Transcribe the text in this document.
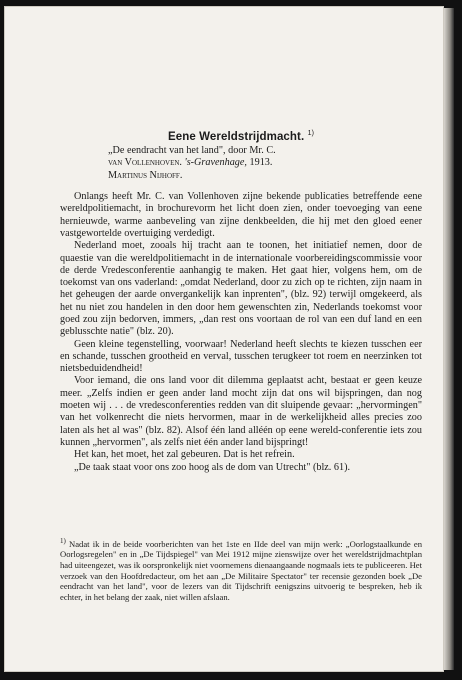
Eene Wereldstrijdmacht. $^{1)}$
„De eendracht van het land", door Mr. C.
van Vollenhoven. 's-Gravenhage, 1913.
Martinus Nijhoff.

Onlangs heeft Mr. C. van Vollenhoven zijne bekende publicaties betreffende eene wereldpolitiemacht, in brochurevorm het licht doen zien, onder toevoeging van eene hernieuwde, warme aanbeveling van zijne denkbeelden, die hij met den gloed eener vastgewortelde overtuiging verdedigt.

Nederland moet, zooals hij tracht aan te toonen, het initiatief nemen, door de quaestie van die wereldpolitiemacht in de internationale voorbereidingscommissie voor de derde Vredesconferentie aanhangig te maken. Het gaat hier, volgens hem, om de toekomst van ons vaderland: „omdat Nederland, door zu zich op te richten, zijn naam in het geheugen der aarde onvergankelijk kan inprenten", (blz. 92) terwijl omgekeerd, als het nu niet zou handelen in den door hem gewenschten zin, Nederlands toekomst voor goed zou zijn bedorven, immers, „dan rest ons voortaan de rol van een duf land en een geblusschte natie" (blz. 20).

Geen kleine tegenstelling, voorwaar! Nederland heeft slechts te kiezen tusschen eer en schande, tusschen grootheid en verval, tusschen terugkeer tot roem en neerzinken tot nietsbeduidendheid!

Voor iemand, die ons land voor dit dilemma geplaatst acht, bestaat er geen keuze meer. „Zelfs indien er geen ander land mocht zijn dat ons wil bijspringen, dan nog moeten wij . . . de vredesconferenties redden van dit sluipende gevaar: „hervormingen" van het volkenrecht die niets hervormen, maar in de werkelijkheid alles precies zoo laten als het al was" (blz. 82). Alsof één land alléén op eene wereld-conferentie iets zou kunnen „hervormen", als zelfs niet één ander land bijspringt!

Het kan, het moet, het zal gebeuren. Dat is het refrein.

„De taak staat voor ons zoo hoog als de dom van Utrecht" (blz. 61).

$^{1)}$ Nadat ik in de beide voorberichten van het 1ste en IIde deel van mijn werk: „Oorlogstaalkunde en Oorlogsregelen" en in „De Tijdspiegel" van Mei 1912 mijne zienswijze over het wereldstrijdmachtplan had uiteengezet, was ik oorspronkelijk niet voornemens dienaangaande nogmaals iets te publiceeren. Het verzoek van den Hoofdredacteur, om het aan „De Militaire Spectator" ter recensie gezonden boek „De eendracht van het land", voor de lezers van dit Tijdschrift eenigszins uitvoerig te bespreken, heb ik echter, in het belang der zaak, niet willen afslaan.
